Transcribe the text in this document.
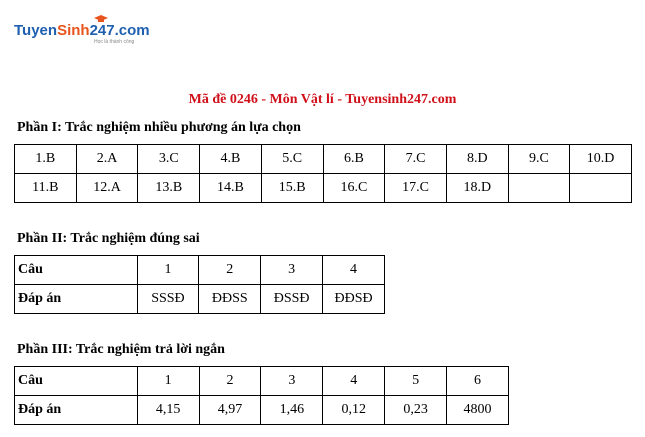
TuyenSinh247.com
Học là thành công
Mã đề 0246 - Môn Vật lí - Tuyensinh247.com
Phần I: Trắc nghiệm nhiều phương án lựa chọn
1.B	2.A	3.C	4.B	5.C	6.B	7.C	8.D	9.C	10.D
11.B	12.A	13.B	14.B	15.B	16.C	17.C	18.D		
Phần II: Trắc nghiệm đúng sai
Câu	1	2	3	4
Đáp án	SSSĐ	ĐĐSS	ĐSSĐ	ĐĐSĐ
Phần III: Trắc nghiệm trả lời ngắn
Câu	1	2	3	4	5	6
Đáp án	4,15	4,97	1,46	0,12	0,23	4800
